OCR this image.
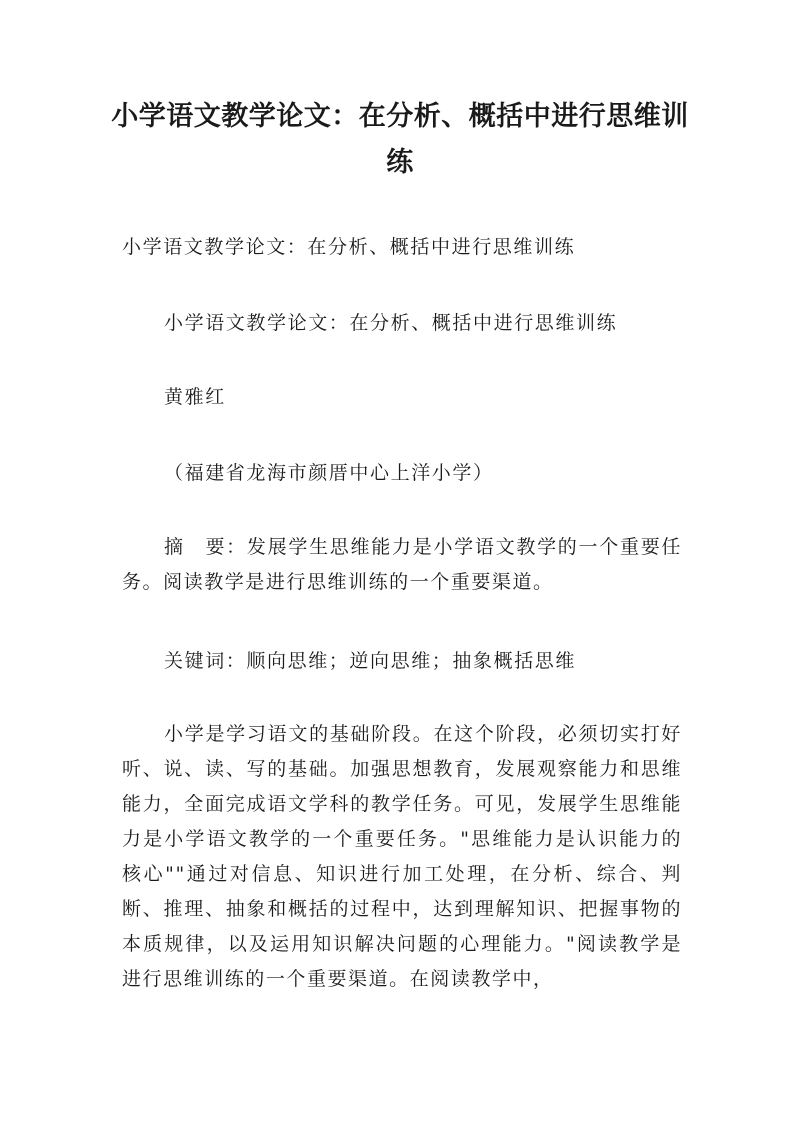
小学语文教学论文：在分析、概括中进行思维训练
小学语文教学论文：在分析、概括中进行思维训练
小学语文教学论文：在分析、概括中进行思维训练
黄雅红
（福建省龙海市颜厝中心上洋小学）
摘　要：发展学生思维能力是小学语文教学的一个重要任务。阅读教学是进行思维训练的一个重要渠道。
关键词：顺向思维；逆向思维；抽象概括思维
小学是学习语文的基础阶段。在这个阶段，必须切实打好听、说、读、写的基础。加强思想教育，发展观察能力和思维能力，全面完成语文学科的教学任务。可见，发展学生思维能力是小学语文教学的一个重要任务。"思维能力是认识能力的核心""通过对信息、知识进行加工处理，在分析、综合、判断、推理、抽象和概括的过程中，达到理解知识、把握事物的本质规律，以及运用知识解决问题的心理能力。"阅读教学是进行思维训练的一个重要渠道。在阅读教学中，
